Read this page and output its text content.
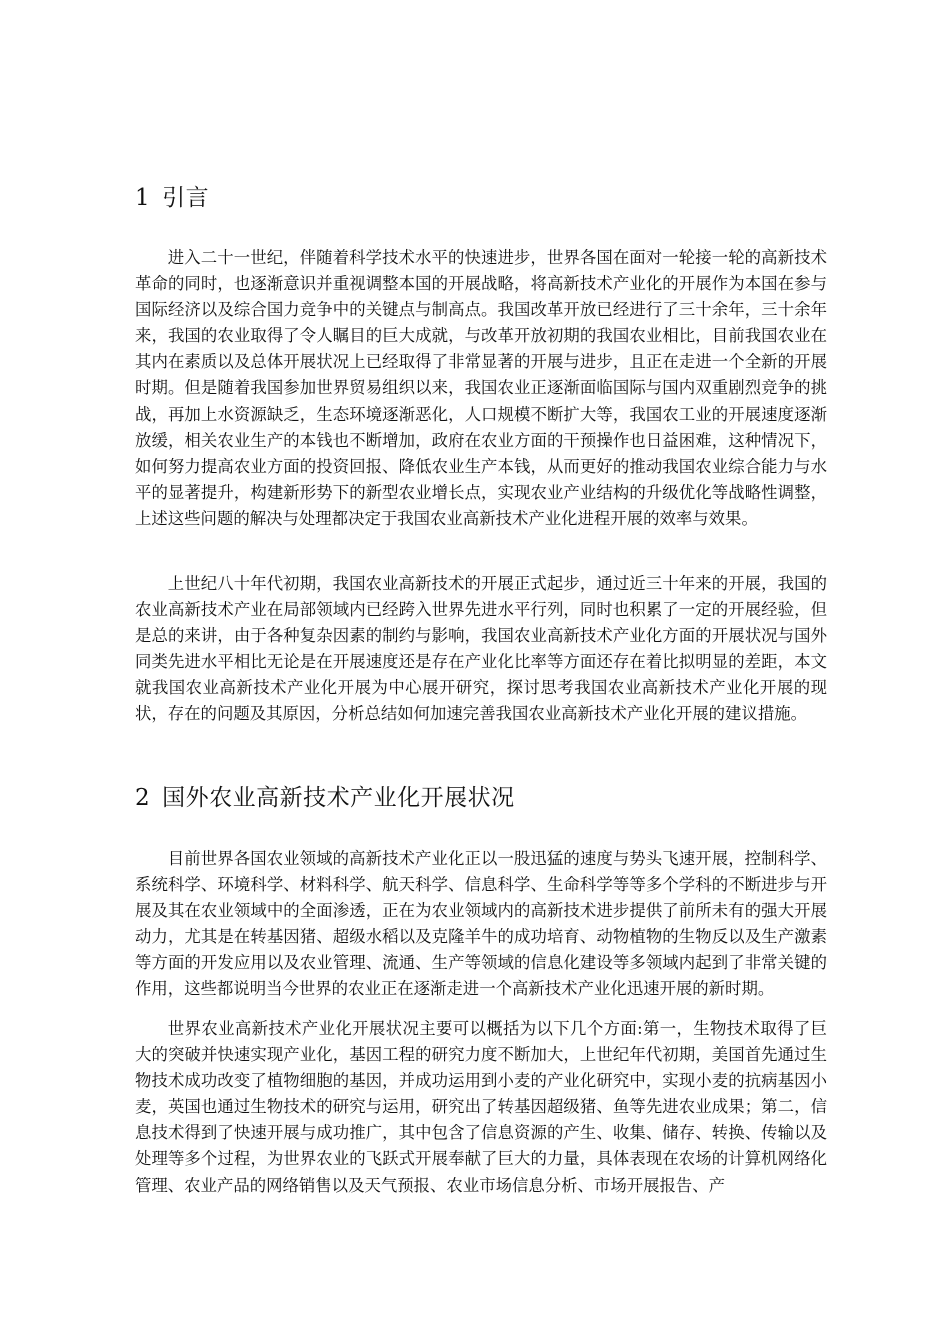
1 引言

进入二十一世纪，伴随着科学技术水平的快速进步，世界各国在面对一轮接一轮的高新技术革命的同时，也逐渐意识并重视调整本国的开展战略，将高新技术产业化的开展作为本国在参与国际经济以及综合国力竞争中的关键点与制高点。我国改革开放已经进行了三十余年，三十余年来，我国的农业取得了令人瞩目的巨大成就，与改革开放初期的我国农业相比，目前我国农业在其内在素质以及总体开展状况上已经取得了非常显著的开展与进步，且正在走进一个全新的开展时期。但是随着我国参加世界贸易组织以来，我国农业正逐渐面临国际与国内双重剧烈竞争的挑战，再加上水资源缺乏，生态环境逐渐恶化，人口规模不断扩大等，我国农工业的开展速度逐渐放缓，相关农业生产的本钱也不断增加，政府在农业方面的干预操作也日益困难，这种情况下，如何努力提高农业方面的投资回报、降低农业生产本钱，从而更好的推动我国农业综合能力与水平的显著提升，构建新形势下的新型农业增长点，实现农业产业结构的升级优化等战略性调整，上述这些问题的解决与处理都决定于我国农业高新技术产业化进程开展的效率与效果。

上世纪八十年代初期，我国农业高新技术的开展正式起步，通过近三十年来的开展，我国的农业高新技术产业在局部领域内已经跨入世界先进水平行列，同时也积累了一定的开展经验，但是总的来讲，由于各种复杂因素的制约与影响，我国农业高新技术产业化方面的开展状况与国外同类先进水平相比无论是在开展速度还是存在产业化比率等方面还存在着比拟明显的差距，本文就我国农业高新技术产业化开展为中心展开研究，探讨思考我国农业高新技术产业化开展的现状，存在的问题及其原因，分析总结如何加速完善我国农业高新技术产业化开展的建议措施。

2 国外农业高新技术产业化开展状况

目前世界各国农业领域的高新技术产业化正以一股迅猛的速度与势头飞速开展，控制科学、系统科学、环境科学、材料科学、航天科学、信息科学、生命科学等等多个学科的不断进步与开展及其在农业领域中的全面渗透，正在为农业领域内的高新技术进步提供了前所未有的强大开展动力，尤其是在转基因猪、超级水稻以及克隆羊牛的成功培育、动物植物的生物反以及生产激素等方面的开发应用以及农业管理、流通、生产等领域的信息化建设等多领域内起到了非常关键的作用，这些都说明当今世界的农业正在逐渐走进一个高新技术产业化迅速开展的新时期。

世界农业高新技术产业化开展状况主要可以概括为以下几个方面:第一，生物技术取得了巨大的突破并快速实现产业化，基因工程的研究力度不断加大，上世纪年代初期，美国首先通过生物技术成功改变了植物细胞的基因，并成功运用到小麦的产业化研究中，实现小麦的抗病基因小麦，英国也通过生物技术的研究与运用，研究出了转基因超级猪、鱼等先进农业成果；第二，信息技术得到了快速开展与成功推广，其中包含了信息资源的产生、收集、储存、转换、传输以及处理等多个过程，为世界农业的飞跃式开展奉献了巨大的力量，具体表现在农场的计算机网络化管理、农业产品的网络销售以及天气预报、农业市场信息分析、市场开展报告、产
